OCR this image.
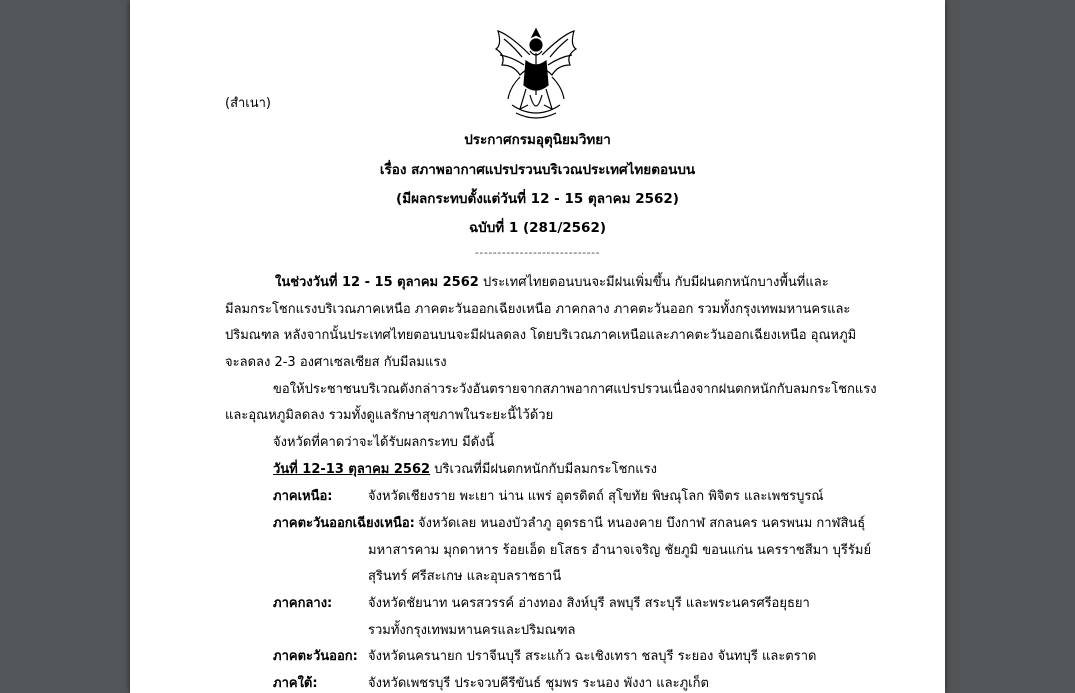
(สำเนา)
ประกาศกรมอุตุนิยมวิทยา
เรื่อง สภาพอากาศแปรปรวนบริเวณประเทศไทยตอนบน
(มีผลกระทบตั้งแต่วันที่ 12 - 15 ตุลาคม 2562)
ฉบับที่ 1 (281/2562)
----------------------------
ในช่วงวันที่ 12 - 15 ตุลาคม 2562 ประเทศไทยตอนบนจะมีฝนเพิ่มขึ้น กับมีฝนตกหนักบางพื้นที่และ
มีลมกระโชกแรงบริเวณภาคเหนือ ภาคตะวันออกเฉียงเหนือ ภาคกลาง ภาคตะวันออก รวมทั้งกรุงเทพมหานครและ
ปริมณฑล หลังจากนั้นประเทศไทยตอนบนจะมีฝนลดลง โดยบริเวณภาคเหนือและภาคตะวันออกเฉียงเหนือ อุณหภูมิ
จะลดลง 2-3 องศาเซลเซียส กับมีลมแรง
ขอให้ประชาชนบริเวณดังกล่าวระวังอันตรายจากสภาพอากาศแปรปรวนเนื่องจากฝนตกหนักกับลมกระโชกแรง
และอุณหภูมิลดลง รวมทั้งดูแลรักษาสุขภาพในระยะนี้ไว้ด้วย
จังหวัดที่คาดว่าจะได้รับผลกระทบ มีดังนี้
วันที่ 12-13 ตุลาคม 2562 บริเวณที่มีฝนตกหนักกับมีลมกระโชกแรง
ภาคเหนือ:	จังหวัดเชียงราย พะเยา น่าน แพร่ อุตรดิตถ์ สุโขทัย พิษณุโลก พิจิตร และเพชรบูรณ์
ภาคตะวันออกเฉียงเหนือ: จังหวัดเลย หนองบัวลำภู อุดรธานี หนองคาย บึงกาฬ สกลนคร นครพนม กาฬสินธุ์
มหาสารคาม มุกดาหาร ร้อยเอ็ด ยโสธร อำนาจเจริญ ชัยภูมิ ขอนแก่น นครราชสีมา บุรีรัมย์
สุรินทร์ ศรีสะเกษ และอุบลราชธานี
ภาคกลาง:	จังหวัดชัยนาท นครสวรรค์ อ่างทอง สิงห์บุรี ลพบุรี สระบุรี และพระนครศรีอยุธยา
รวมทั้งกรุงเทพมหานครและปริมณฑล
ภาคตะวันออก: จังหวัดนครนายก ปราจีนบุรี สระแก้ว ฉะเชิงเทรา ชลบุรี ระยอง จันทบุรี และตราด
ภาคใต้:	จังหวัดเพชรบุรี ประจวบคีรีขันธ์ ชุมพร ระนอง พังงา และภูเก็ต
